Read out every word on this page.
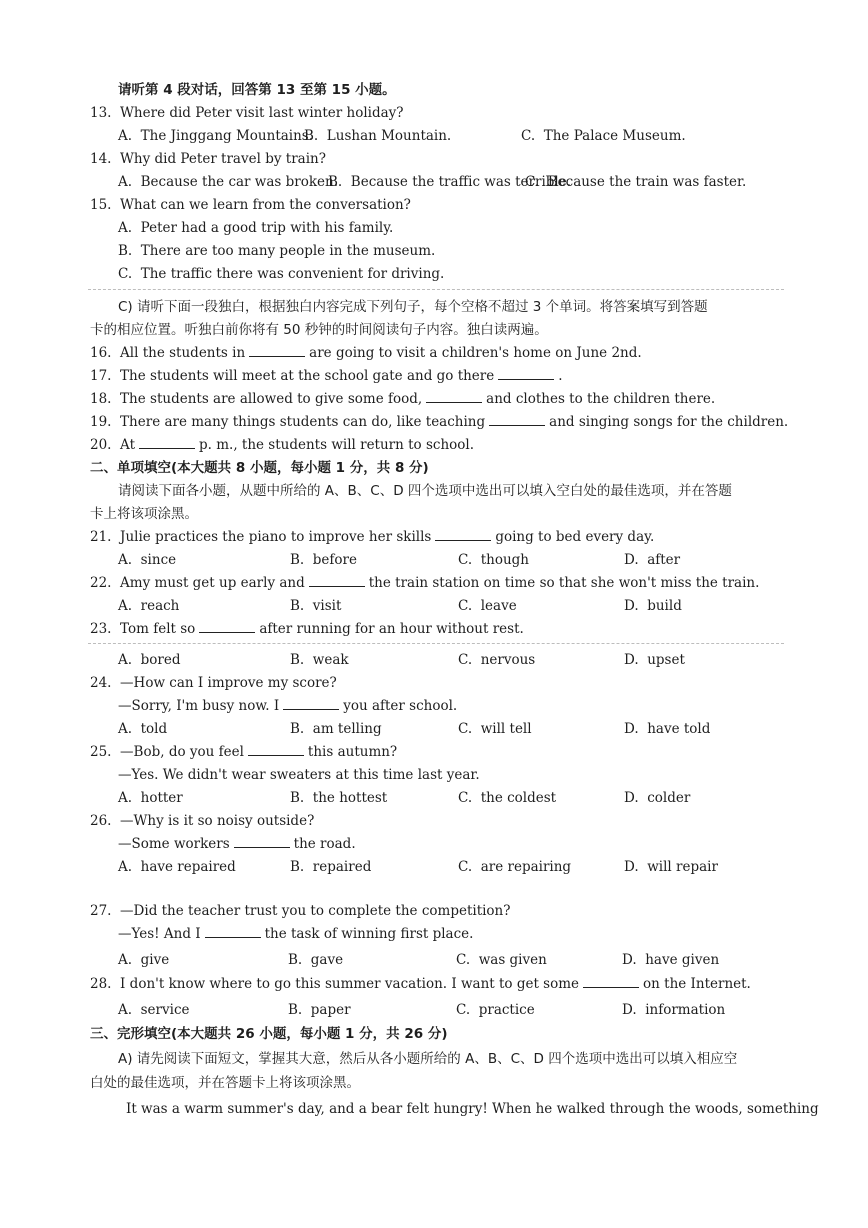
请听第 4 段对话，回答第 13 至第 15 小题。
13.  Where did Peter visit last winter holiday?
A.  The Jinggang Mountains.
B.  Lushan Mountain.	C.  The Palace Museum.
14.  Why did Peter travel by train?
A.  Because the car was broken.
B.  Because the traffic was terrible.
C.  Because the train was faster.
15.  What can we learn from the conversation?
A.  Peter had a good trip with his family.
B.  There are too many people in the museum.
C.  The traffic there was convenient for driving.
C) 请听下面一段独白，根据独白内容完成下列句子，每个空格不超过 3 个单词。将答案填写到答题
卡的相应位置。听独白前你将有 50 秒钟的时间阅读句子内容。独白读两遍。
16.  All the students in	are going to visit a children's home on June 2nd.
17.  The students will meet at the school gate and go there	.
18.  The students are allowed to give some food,	and clothes to the children there.
19.  There are many things students can do, like teaching	and singing songs for the children.
20.  At	p. m., the students will return to school.
二、单项填空(本大题共 8 小题，每小题 1 分，共 8 分)
请阅读下面各小题，从题中所给的 A、B、C、D 四个选项中选出可以填入空白处的最佳选项，并在答题
卡上将该项涂黑。
21.  Julie practices the piano to improve her skills	going to bed every day.
A.  since	B.  before	C.  though	D.  after
22.  Amy must get up early and	the train station on time so that she won't miss the train.
A.  reach	B.  visit	C.  leave	D.  build
23.  Tom felt so	after running for an hour without rest.
A.  bored	B.  weak	C.  nervous	D.  upset
24.  —How can I improve my score?
—Sorry, I'm busy now. I	you after school.
A.  told	B.  am telling	C.  will tell	D.  have told
25.  —Bob, do you feel	this autumn?
—Yes. We didn't wear sweaters at this time last year.
A.  hotter	B.  the hottest	C.  the coldest	D.  colder
26.  —Why is it so noisy outside?
—Some workers	the road.
A.  have repaired	B.  repaired	C.  are repairing	D.  will repair
27.  —Did the teacher trust you to complete the competition?
—Yes! And I	the task of winning first place.
A.  give	B.  gave	C.  was given	D.  have given
28.  I don't know where to go this summer vacation. I want to get some	on the Internet.
A.  service	B.  paper	C.  practice	D.  information
三、完形填空(本大题共 26 小题，每小题 1 分，共 26 分)
A) 请先阅读下面短文，掌握其大意，然后从各小题所给的 A、B、C、D 四个选项中选出可以填入相应空
白处的最佳选项，并在答题卡上将该项涂黑。
It was a warm summer's day, and a bear felt hungry! When he walked through the woods, something
